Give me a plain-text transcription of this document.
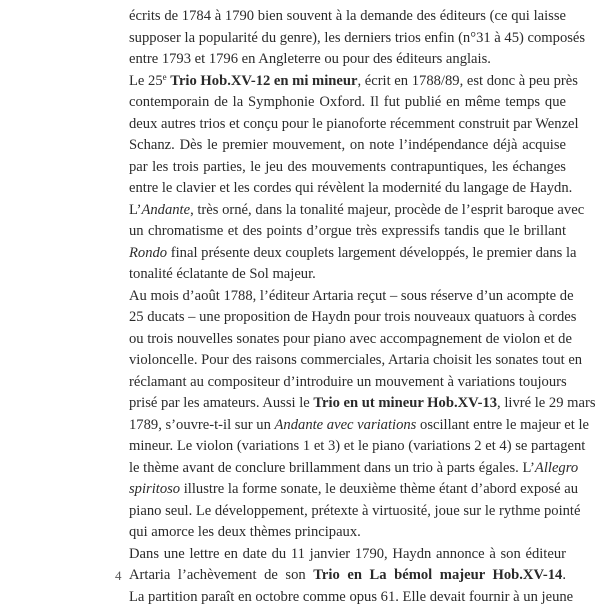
écrits de 1784 à 1790 bien souvent à la demande des éditeurs (ce qui laisse
supposer la popularité du genre), les derniers trios enfin (n°31 à 45) composés
entre 1793 et 1796 en Angleterre ou pour des éditeurs anglais.
Le 25e Trio Hob.XV-12 en mi mineur, écrit en 1788/89, est donc à peu près
contemporain de la Symphonie Oxford. Il fut publié en même temps que
deux autres trios et conçu pour le pianoforte récemment construit par Wenzel
Schanz. Dès le premier mouvement, on note l’indépendance déjà acquise
par les trois parties, le jeu des mouvements contrapuntiques, les échanges
entre le clavier et les cordes qui révèlent la modernité du langage de Haydn.
L’Andante, très orné, dans la tonalité majeur, procède de l’esprit baroque avec
un chromatisme et des points d’orgue très expressifs tandis que le brillant
Rondo final présente deux couplets largement développés, le premier dans la
tonalité éclatante de Sol majeur.
Au mois d’août 1788, l’éditeur Artaria reçut – sous réserve d’un acompte de
25 ducats – une proposition de Haydn pour trois nouveaux quatuors à cordes
ou trois nouvelles sonates pour piano avec accompagnement de violon et de
violoncelle. Pour des raisons commerciales, Artaria choisit les sonates tout en
réclamant au compositeur d’introduire un mouvement à variations toujours
prisé par les amateurs. Aussi le Trio en ut mineur Hob.XV-13, livré le 29 mars
1789, s’ouvre-t-il sur un Andante avec variations oscillant entre le majeur et le
mineur. Le violon (variations 1 et 3) et le piano (variations 2 et 4) se partagent
le thème avant de conclure brillamment dans un trio à parts égales. L’Allegro
spiritoso illustre la forme sonate, le deuxième thème étant d’abord exposé au
piano seul. Le développement, prétexte à virtuosité, joue sur le rythme pointé
qui amorce les deux thèmes principaux.
Dans une lettre en date du 11 janvier 1790, Haydn annonce à son éditeur
Artaria l’achèvement de son Trio en La bémol majeur Hob.XV-14.
La partition paraît en octobre comme opus 61. Elle devait fournir à un jeune
4
